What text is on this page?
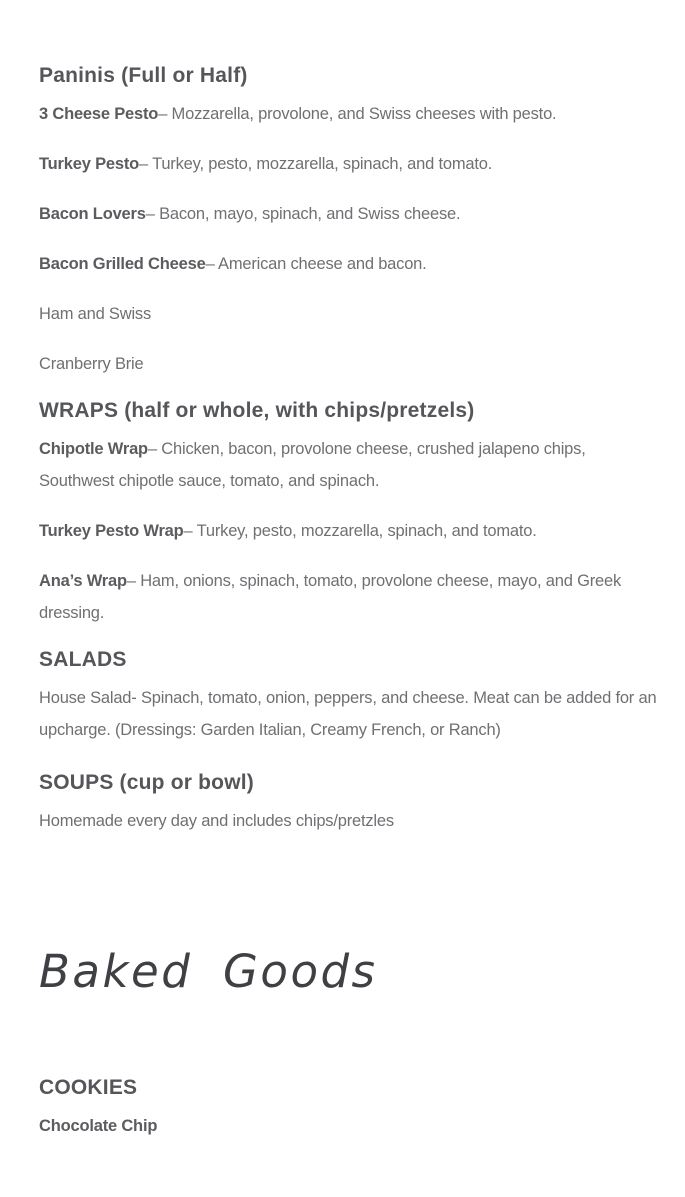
Paninis (Full or Half)

3 Cheese Pesto– Mozzarella, provolone, and Swiss cheeses with pesto.

Turkey Pesto– Turkey, pesto, mozzarella, spinach, and tomato.

Bacon Lovers– Bacon, mayo, spinach, and Swiss cheese.

Bacon Grilled Cheese– American cheese and bacon.

Ham and Swiss

Cranberry Brie

WRAPS (half or whole, with chips/pretzels)

Chipotle Wrap– Chicken, bacon, provolone cheese, crushed jalapeno chips, Southwest chipotle sauce, tomato, and spinach.

Turkey Pesto Wrap– Turkey, pesto, mozzarella, spinach, and tomato.

Ana’s Wrap– Ham, onions, spinach, tomato, provolone cheese, mayo, and Greek dressing.

SALADS

House Salad- Spinach, tomato, onion, peppers, and cheese. Meat can be added for an upcharge. (Dressings: Garden Italian, Creamy French, or Ranch)

SOUPS (cup or bowl)

Homemade every day and includes chips/pretzles

Baked Goods
COOKIES

Chocolate Chip
